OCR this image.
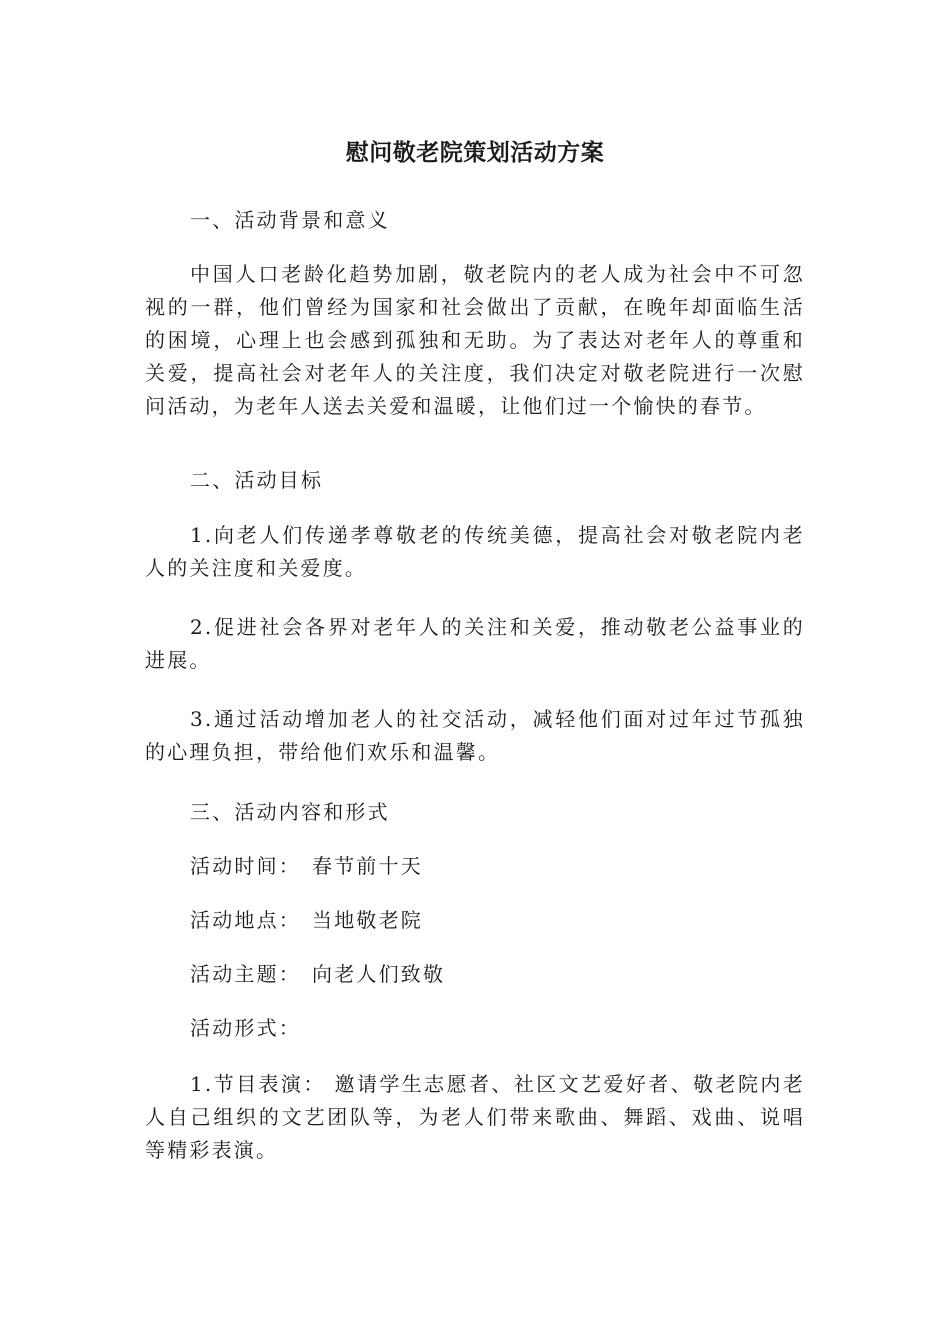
慰问敬老院策划活动方案
一、活动背景和意义
中国人口老龄化趋势加剧，敬老院内的老人成为社会中不可忽视的一群，他们曾经为国家和社会做出了贡献，在晚年却面临生活的困境，心理上也会感到孤独和无助。为了表达对老年人的尊重和关爱，提高社会对老年人的关注度，我们决定对敬老院进行一次慰问活动，为老年人送去关爱和温暖，让他们过一个愉快的春节。
二、活动目标
1.向老人们传递孝尊敬老的传统美德，提高社会对敬老院内老人的关注度和关爱度。
2.促进社会各界对老年人的关注和关爱，推动敬老公益事业的进展。
3.通过活动增加老人的社交活动，减轻他们面对过年过节孤独的心理负担，带给他们欢乐和温馨。
三、活动内容和形式
活动时间： 春节前十天
活动地点： 当地敬老院
活动主题： 向老人们致敬
活动形式：
1.节目表演： 邀请学生志愿者、社区文艺爱好者、敬老院内老人自己组织的文艺团队等，为老人们带来歌曲、舞蹈、戏曲、说唱等精彩表演。
